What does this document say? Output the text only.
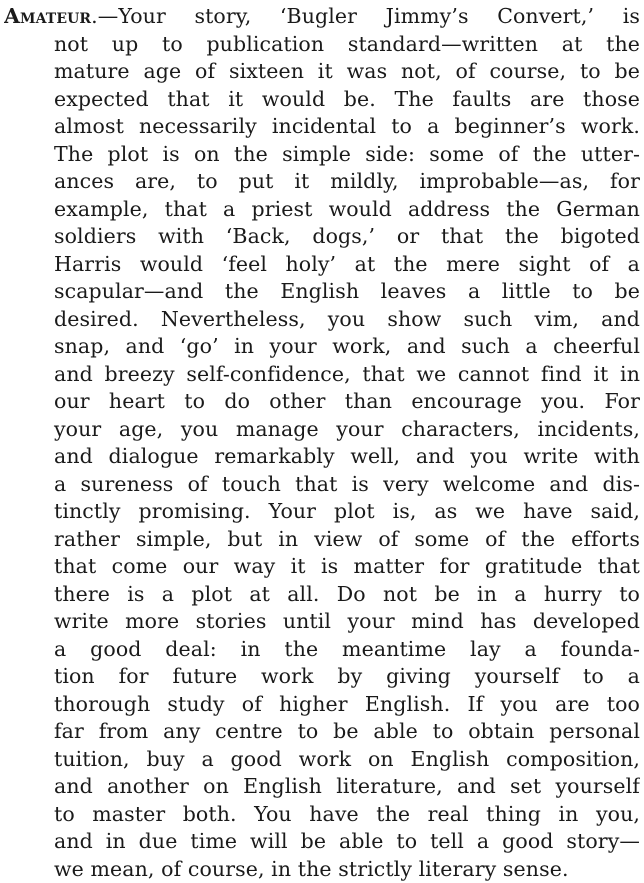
Amateur.—Your story, ‘Bugler Jimmy’s Convert,’ is
not up to publication standard—written at the
mature age of sixteen it was not, of course, to be
expected that it would be. The faults are those
almost necessarily incidental to a beginner’s work.
The plot is on the simple side: some of the utter-
ances are, to put it mildly, improbable—as, for
example, that a priest would address the German
soldiers with ‘Back, dogs,’ or that the bigoted
Harris would ‘feel holy’ at the mere sight of a
scapular—and the English leaves a little to be
desired. Nevertheless, you show such vim, and
snap, and ‘go’ in your work, and such a cheerful
and breezy self-confidence, that we cannot find it in
our heart to do other than encourage you. For
your age, you manage your characters, incidents,
and dialogue remarkably well, and you write with
a sureness of touch that is very welcome and dis-
tinctly promising. Your plot is, as we have said,
rather simple, but in view of some of the efforts
that come our way it is matter for gratitude that
there is a plot at all. Do not be in a hurry to
write more stories until your mind has developed
a good deal: in the meantime lay a founda-
tion for future work by giving yourself to a
thorough study of higher English. If you are too
far from any centre to be able to obtain personal
tuition, buy a good work on English composition,
and another on English literature, and set yourself
to master both. You have the real thing in you,
and in due time will be able to tell a good story—
we mean, of course, in the strictly literary sense.
